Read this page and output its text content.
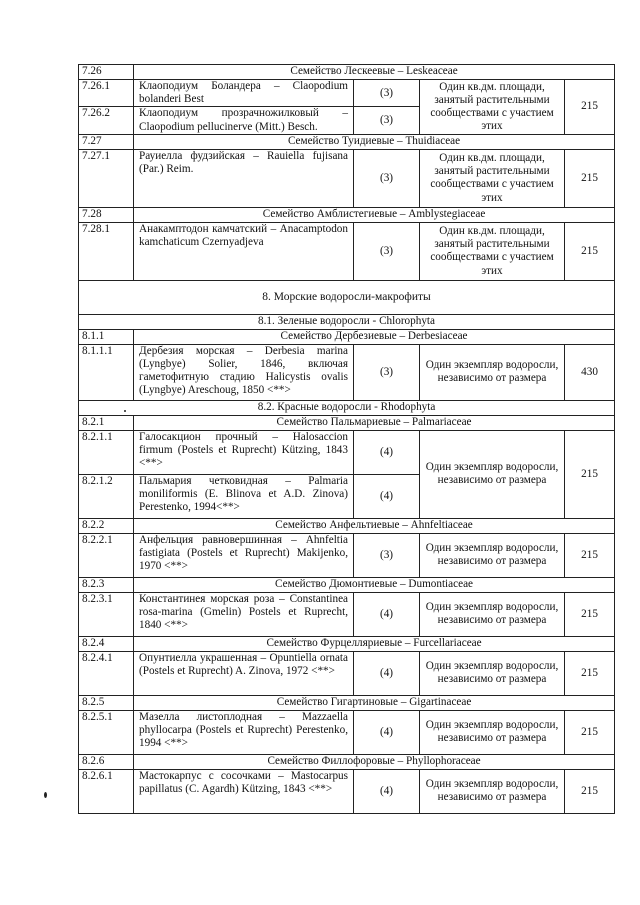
7.26	Семейство Лескеевые – Leskeaceae			
7.26.1	Клаоподиум Боландера – Claopodium bolanderi Best	(3)	Один кв.дм. площади, занятый растительными сообществами с участием этих	215
7.26.2	Клаоподиум прозрачножилковый – Claopodium pellucinerve (Mitt.) Besch.	(3)		
7.27	Семейство Туидиевые – Thuidiaceae			
7.27.1	Рауиелла фудзийская – Rauiella fujisana (Par.) Reim.	(3)	Один кв.дм. площади, занятый растительными сообществами с участием этих	215
7.28	Семейство Амблистегиевые – Amblystegiaceae			
7.28.1	Анакамптодон камчатский – Anacamptodon kamchaticum Czernyadjeva	(3)	Один кв.дм. площади, занятый растительными сообществами с участием этих	215
8. Морские водоросли-макрофиты				
8.1. Зеленые водоросли - Chlorophyta				
8.1.1	Семейство Дербезиевые – Derbesiaceae			
8.1.1.1	Дербезия морская – Derbesia marina (Lyngbye) Solier, 1846, включая гаметофитную стадию Halicystis ovalis (Lyngbye) Areschoug, 1850 <**>	(3)	Один экземпляр водоросли, независимо от размера	430
8.2. Красные водоросли - Rhodophyta				
8.2.1	Семейство Пальмариевые – Palmariaceae			
8.2.1.1	Галосакцион прочный – Halosaccion firmum (Postels et Ruprecht) Kützing, 1843 <**>	(4)	Один экземпляр водоросли, независимо от размера	215
8.2.1.2	Пальмария четковидная – Palmaria moniliformis (E. Blinova et A.D. Zinova) Perestenko, 1994<**>	(4)		
8.2.2	Семейство Анфельтиевые – Ahnfeltiaceae			
8.2.2.1	Анфельция равновершинная – Ahnfeltia fastigiata (Postels et Ruprecht) Makijenko, 1970 <**>	(3)	Один экземпляр водоросли, независимо от размера	215
8.2.3	Семейство Дюмонтиевые – Dumontiaceae			
8.2.3.1	Константинея морская роза – Constantinea rosa-marina (Gmelin) Postels et Ruprecht, 1840 <**>	(4)	Один экземпляр водоросли, независимо от размера	215
8.2.4	Семейство Фурцелляриевые – Furcellariaceae			
8.2.4.1	Опунтиелла украшенная – Opuntiella ornata (Postels et Ruprecht) A. Zinova, 1972 <**>	(4)	Один экземпляр водоросли, независимо от размера	215
8.2.5	Семейство Гигартиновые – Gigartinaceae			
8.2.5.1	Мазелла листоплодная – Mazzaella phyllocarpa (Postels et Ruprecht) Perestenko, 1994 <**>	(4)	Один экземпляр водоросли, независимо от размера	215
8.2.6	Семейство Филлофоровые – Phyllophoraceae			
8.2.6.1	Мастокарпус с сосочками – Mastocarpus papillatus (C. Agardh) Kützing, 1843 <**>	(4)	Один экземпляр водоросли, независимо от размера	215
